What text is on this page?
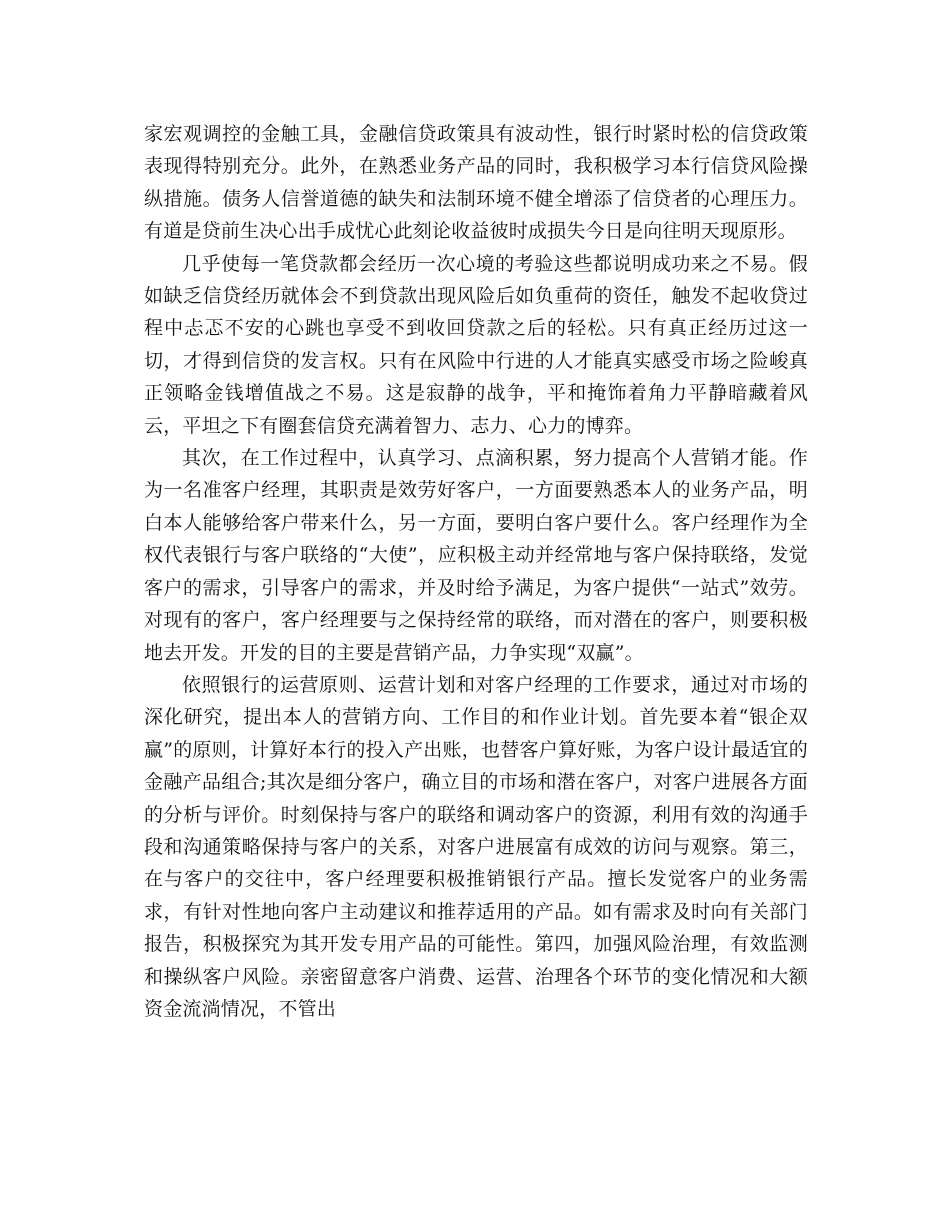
家宏观调控的金触工具，金融信贷政策具有波动性，银行时紧时松的信贷政策表现得特别充分。此外，在熟悉业务产品的同时，我积极学习本行信贷风险操纵措施。债务人信誉道德的缺失和法制环境不健全增添了信贷者的心理压力。有道是贷前生决心出手成忧心此刻论收益彼时成损失今日是向往明天现原形。

几乎使每一笔贷款都会经历一次心境的考验这些都说明成功来之不易。假如缺乏信贷经历就体会不到贷款出现风险后如负重荷的资任，触发不起收贷过程中忐忑不安的心跳也享受不到收回贷款之后的轻松。只有真正经历过这一切，才得到信贷的发言权。只有在风险中行进的人才能真实感受市场之险峻真正领略金钱增值战之不易。这是寂静的战争，平和掩饰着角力平静暗藏着风云，平坦之下有圈套信贷充满着智力、志力、心力的博弈。

其次，在工作过程中，认真学习、点滴积累，努力提高个人营销才能。作为一名准客户经理，其职责是效劳好客户，一方面要熟悉本人的业务产品，明白本人能够给客户带来什么，另一方面，要明白客户要什么。客户经理作为全权代表银行与客户联络的“大使”，应积极主动并经常地与客户保持联络，发觉客户的需求，引导客户的需求，并及时给予满足，为客户提供“一站式”效劳。对现有的客户，客户经理要与之保持经常的联络，而对潜在的客户，则要积极地去开发。开发的目的主要是营销产品，力争实现“双赢”。

依照银行的运营原则、运营计划和对客户经理的工作要求，通过对市场的深化研究，提出本人的营销方向、工作目的和作业计划。首先要本着“银企双赢”的原则，计算好本行的投入产出账，也替客户算好账，为客户设计最适宜的金融产品组合;其次是细分客户，确立目的市场和潜在客户，对客户进展各方面的分析与评价。时刻保持与客户的联络和调动客户的资源，利用有效的沟通手段和沟通策略保持与客户的关系，对客户进展富有成效的访问与观察。第三，在与客户的交往中，客户经理要积极推销银行产品。擅长发觉客户的业务需求，有针对性地向客户主动建议和推荐适用的产品。如有需求及时向有关部门报告，积极探究为其开发专用产品的可能性。第四，加强风险治理，有效监测和操纵客户风险。亲密留意客户消费、运营、治理各个环节的变化情况和大额资金流淌情况，不管出
